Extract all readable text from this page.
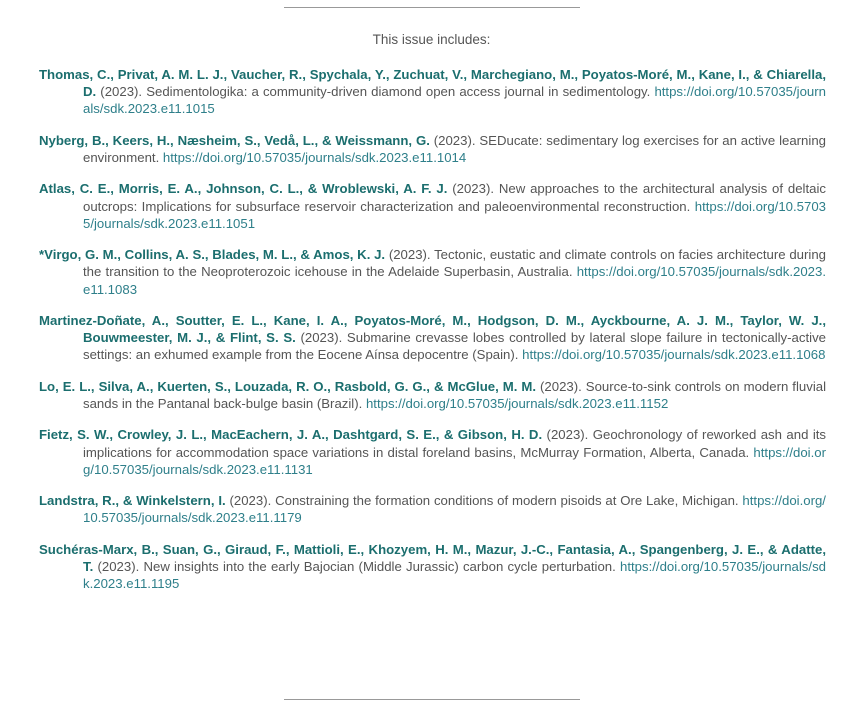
This issue includes:

Thomas, C., Privat, A. M. L. J., Vaucher, R., Spychala, Y., Zuchuat, V., Marchegiano, M., Poyatos-Moré, M., Kane, I., & Chiarella, D. (2023). Sedimentologika: a community-driven diamond open access journal in sedimentology. https://doi.org/10.57035/journals/sdk.2023.e11.1015

Nyberg, B., Keers, H., Næsheim, S., Vedå, L., & Weissmann, G. (2023). SEDucate: sedimentary log exercises for an active learning environment. https://doi.org/10.57035/journals/sdk.2023.e11.1014

Atlas, C. E., Morris, E. A., Johnson, C. L., & Wroblewski, A. F. J. (2023). New approaches to the architectural analysis of deltaic outcrops: Implications for subsurface reservoir characterization and paleoenvironmental reconstruction. https://doi.org/10.57035/journals/sdk.2023.e11.1051

*Virgo, G. M., Collins, A. S., Blades, M. L., & Amos, K. J. (2023). Tectonic, eustatic and climate controls on facies architecture during the transition to the Neoproterozoic icehouse in the Adelaide Superbasin, Australia. https://doi.org/10.57035/journals/sdk.2023.e11.1083

Martinez-Doñate, A., Soutter, E. L., Kane, I. A., Poyatos-Moré, M., Hodgson, D. M., Ayckbourne, A. J. M., Taylor, W. J., Bouwmeester, M. J., & Flint, S. S. (2023). Submarine crevasse lobes controlled by lateral slope failure in tectonically-active settings: an exhumed example from the Eocene Aínsa depocentre (Spain). https://doi.org/10.57035/journals/sdk.2023.e11.1068

Lo, E. L., Silva, A., Kuerten, S., Louzada, R. O., Rasbold, G. G., & McGlue, M. M. (2023). Source-to-sink controls on modern fluvial sands in the Pantanal back-bulge basin (Brazil). https://doi.org/10.57035/journals/sdk.2023.e11.1152

Fietz, S. W., Crowley, J. L., MacEachern, J. A., Dashtgard, S. E., & Gibson, H. D. (2023). Geochronology of reworked ash and its implications for accommodation space variations in distal foreland basins, McMurray Formation, Alberta, Canada. https://doi.org/10.57035/journals/sdk.2023.e11.1131

Landstra, R., & Winkelstern, I. (2023). Constraining the formation conditions of modern pisoids at Ore Lake, Michigan. https://doi.org/10.57035/journals/sdk.2023.e11.1179

Suchéras-Marx, B., Suan, G., Giraud, F., Mattioli, E., Khozyem, H. M., Mazur, J.-C., Fantasia, A., Spangenberg, J. E., & Adatte, T. (2023). New insights into the early Bajocian (Middle Jurassic) carbon cycle perturbation. https://doi.org/10.57035/journals/sdk.2023.e11.1195
